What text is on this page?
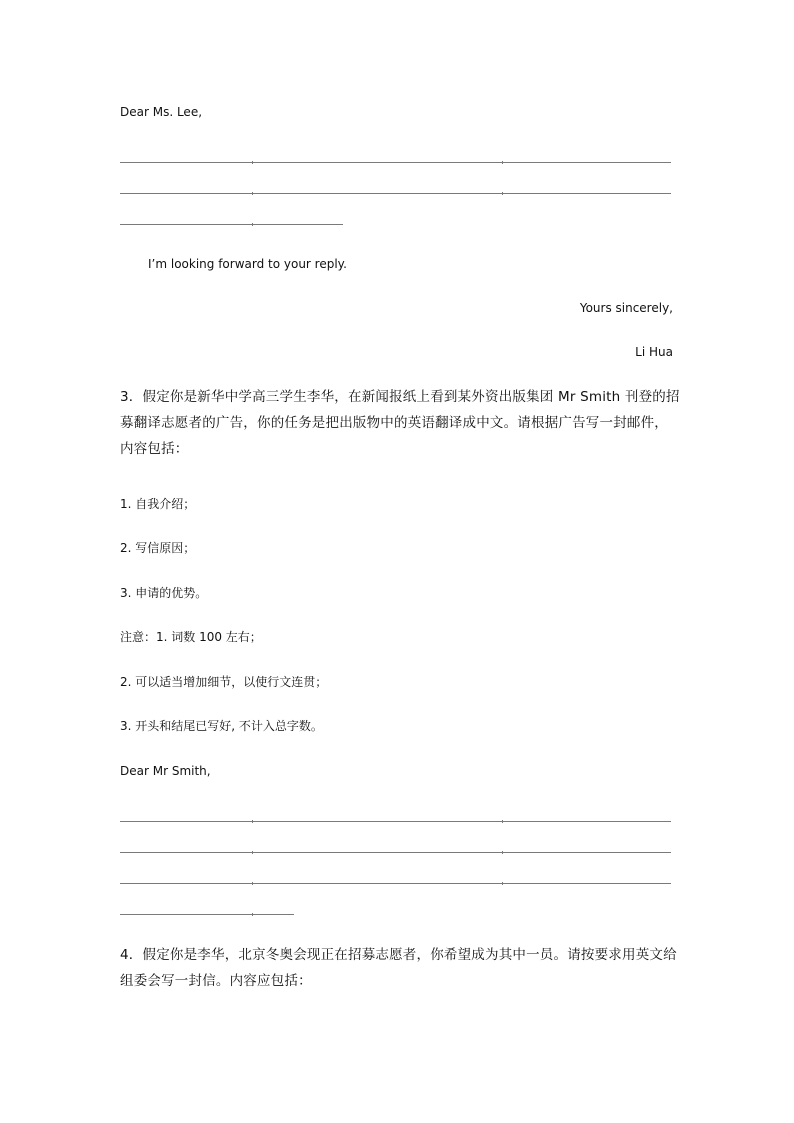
Dear Ms. Lee,
I’m looking forward to your reply.
Yours sincerely,
Li Hua
3．假定你是新华中学高三学生李华，在新闻报纸上看到某外资出版集团 Mr Smith 刊登的招募翻译志愿者的广告，你的任务是把出版物中的英语翻译成中文。请根据广告写一封邮件，内容包括：
1. 自我介绍；
2. 写信原因；
3. 申请的优势。
注意：1. 词数 100 左右；
2. 可以适当增加细节，以使行文连贯；
3. 开头和结尾已写好, 不计入总字数。
Dear Mr Smith,
4．假定你是李华，北京冬奥会现正在招募志愿者，你希望成为其中一员。请按要求用英文给组委会写一封信。内容应包括：
